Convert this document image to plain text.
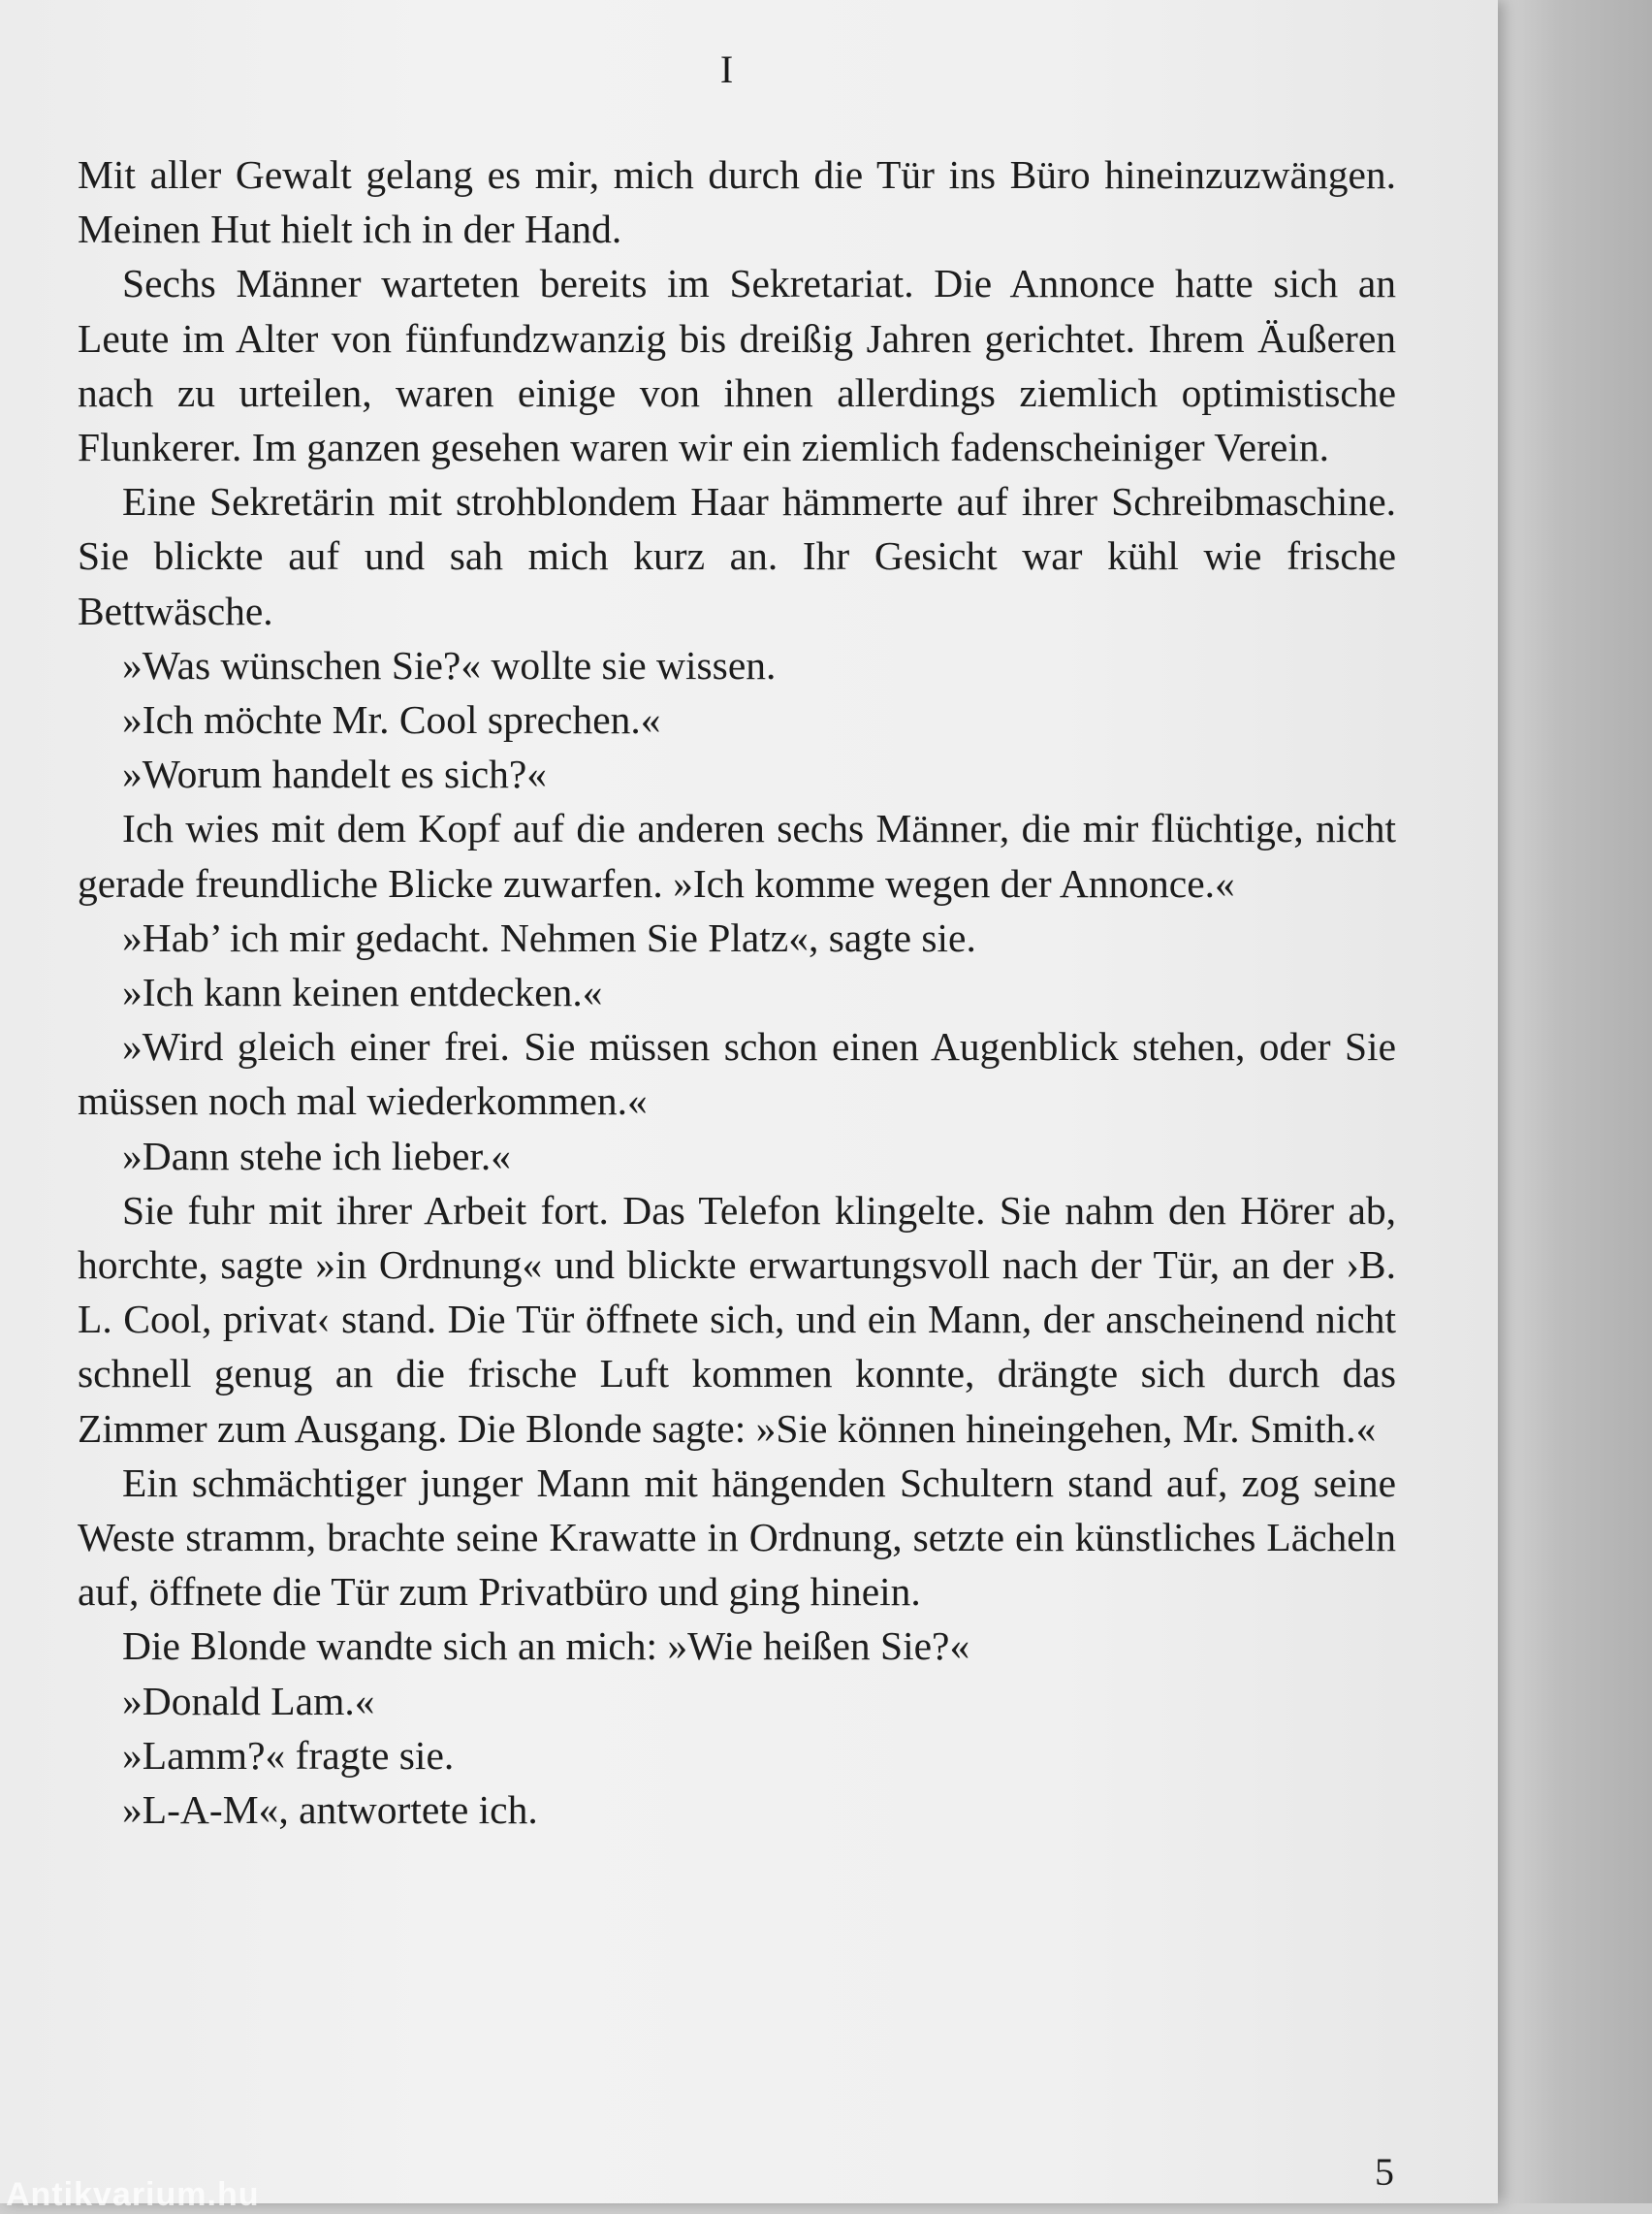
I

Mit aller Gewalt gelang es mir, mich durch die Tür ins Büro hineinzuzwängen. Meinen Hut hielt ich in der Hand.

Sechs Männer warteten bereits im Sekretariat. Die Annonce hatte sich an Leute im Alter von fünfundzwanzig bis dreißig Jahren gerichtet. Ihrem Äußeren nach zu urteilen, waren einige von ihnen allerdings ziemlich optimistische Flunkerer. Im ganzen gesehen waren wir ein ziemlich fadenscheiniger Verein.

Eine Sekretärin mit strohblondem Haar hämmerte auf ihrer Schreibmaschine. Sie blickte auf und sah mich kurz an. Ihr Gesicht war kühl wie frische Bettwäsche.

»Was wünschen Sie?« wollte sie wissen.

»Ich möchte Mr. Cool sprechen.«

»Worum handelt es sich?«

Ich wies mit dem Kopf auf die anderen sechs Männer, die mir flüchtige, nicht gerade freundliche Blicke zuwarfen. »Ich komme wegen der Annonce.«

»Hab’ ich mir gedacht. Nehmen Sie Platz«, sagte sie.

»Ich kann keinen entdecken.«

»Wird gleich einer frei. Sie müssen schon einen Augenblick stehen, oder Sie müssen noch mal wiederkommen.«

»Dann stehe ich lieber.«

Sie fuhr mit ihrer Arbeit fort. Das Telefon klingelte. Sie nahm den Hörer ab, horchte, sagte »in Ordnung« und blickte erwartungsvoll nach der Tür, an der ›B. L. Cool, privat‹ stand. Die Tür öffnete sich, und ein Mann, der anscheinend nicht schnell genug an die frische Luft kommen konnte, drängte sich durch das Zimmer zum Ausgang. Die Blonde sagte: »Sie können hineingehen, Mr. Smith.«

Ein schmächtiger junger Mann mit hängenden Schultern stand auf, zog seine Weste stramm, brachte seine Krawatte in Ordnung, setzte ein künstliches Lächeln auf, öffnete die Tür zum Privatbüro und ging hinein.

Die Blonde wandte sich an mich: »Wie heißen Sie?«

»Donald Lam.«

»Lamm?« fragte sie.

»L-A-M«, antwortete ich.

5
Antikvarium.hu
